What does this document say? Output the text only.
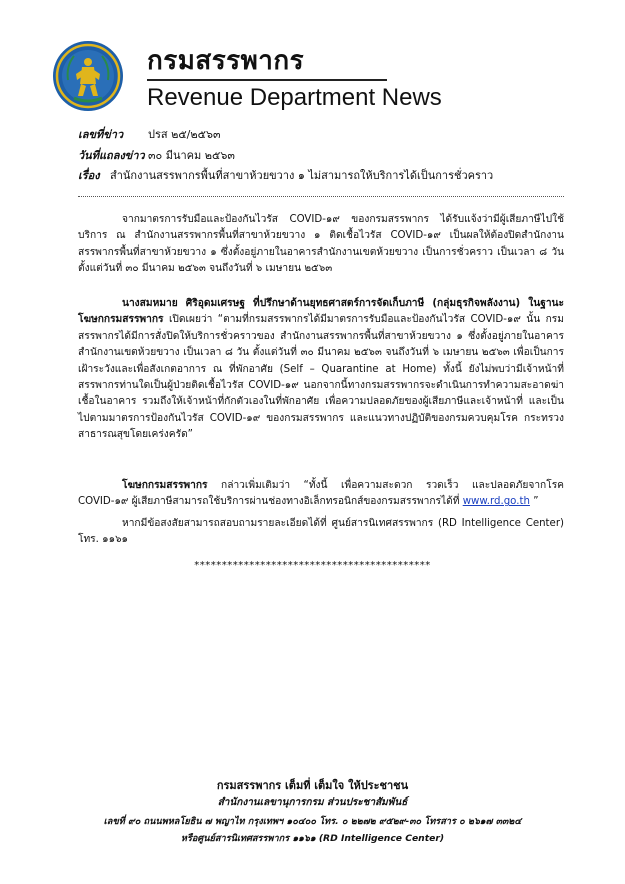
กรมสรรพากร
Revenue Department News
เลขที่ข่าว ปรส ๒๕/๒๕๖๓
วันที่แถลงข่าว ๓๐ มีนาคม ๒๕๖๓
เรื่อง สำนักงานสรรพากรพื้นที่สาขาห้วยขวาง ๑ ไม่สามารถให้บริการได้เป็นการชั่วคราว
จากมาตรการรับมือและป้องกันไวรัส COVID-๑๙ ของกรมสรรพากร ได้รับแจ้งว่ามีผู้เสียภาษีไปใช้บริการ ณ สำนักงานสรรพากรพื้นที่สาขาห้วยขวาง ๑ ติดเชื้อไวรัส COVID-๑๙ เป็นผลให้ต้องปิดสำนักงานสรรพากรพื้นที่สาขาห้วยขวาง ๑ ซึ่งตั้งอยู่ภายในอาคารสำนักงานเขตห้วยขวาง เป็นการชั่วคราว เป็นเวลา ๘ วัน ตั้งแต่วันที่ ๓๐ มีนาคม ๒๕๖๓ จนถึงวันที่ ๖ เมษายน ๒๕๖๓
นางสมหมาย ศิริอุดมเศรษฐ ที่ปรึกษาด้านยุทธศาสตร์การจัดเก็บภาษี (กลุ่มธุรกิจพลังงาน) ในฐานะโฆษกกรมสรรพากร เปิดเผยว่า “ตามที่กรมสรรพากรได้มีมาตรการรับมือและป้องกันไวรัส COVID-๑๙ นั้น กรมสรรพากรได้มีการสั่งปิดให้บริการชั่วคราวของ สำนักงานสรรพากรพื้นที่สาขาห้วยขวาง ๑ ซึ่งตั้งอยู่ภายในอาคารสำนักงานเขตห้วยขวาง เป็นเวลา ๘ วัน ตั้งแต่วันที่ ๓๐ มีนาคม ๒๕๖๓ จนถึงวันที่ ๖ เมษายน ๒๕๖๓ เพื่อเป็นการเฝ้าระวังและเพื่อสังเกตอาการ ณ ที่พักอาศัย (Self – Quarantine at Home) ทั้งนี้ ยังไม่พบว่ามีเจ้าหน้าที่สรรพากรท่านใดเป็นผู้ป่วยติดเชื้อไวรัส COVID-๑๙ นอกจากนี้ทางกรมสรรพากรจะดำเนินการทำความสะอาดฆ่าเชื้อในอาคาร รวมถึงให้เจ้าหน้าที่กักตัวเองในที่พักอาศัย เพื่อความปลอดภัยของผู้เสียภาษีและเจ้าหน้าที่ และเป็นไปตามมาตรการป้องกันไวรัส COVID-๑๙ ของกรมสรรพากร และแนวทางปฏิบัติของกรมควบคุมโรค กระทรวงสาธารณสุขโดยเคร่งครัด”
โฆษกกรมสรรพากร กล่าวเพิ่มเติมว่า “ทั้งนี้ เพื่อความสะดวก รวดเร็ว และปลอดภัยจากโรค COVID-๑๙ ผู้เสียภาษีสามารถใช้บริการผ่านช่องทางอิเล็กทรอนิกส์ของกรมสรรพากรได้ที่ www.rd.go.th ”
หากมีข้อสงสัยสามารถสอบถามรายละเอียดได้ที่ ศูนย์สารนิเทศสรรพากร (RD Intelligence Center) โทร. ๑๑๖๑
*******************************************
กรมสรรพากร เต็มที่ เต็มใจ ให้ประชาชน
สำนักงานเลขานุการกรม ส่วนประชาสัมพันธ์
เลขที่ ๙๐ ถนนพหลโยธิน ๗ พญาไท กรุงเทพฯ ๑๐๔๐๐ โทร. ๐ ๒๒๗๒ ๙๕๒๙-๓๐ โทรสาร ๐ ๒๖๑๗ ๓๓๒๔
หรือศูนย์สารนิเทศสรรพากร ๑๑๖๑ (RD Intelligence Center)
